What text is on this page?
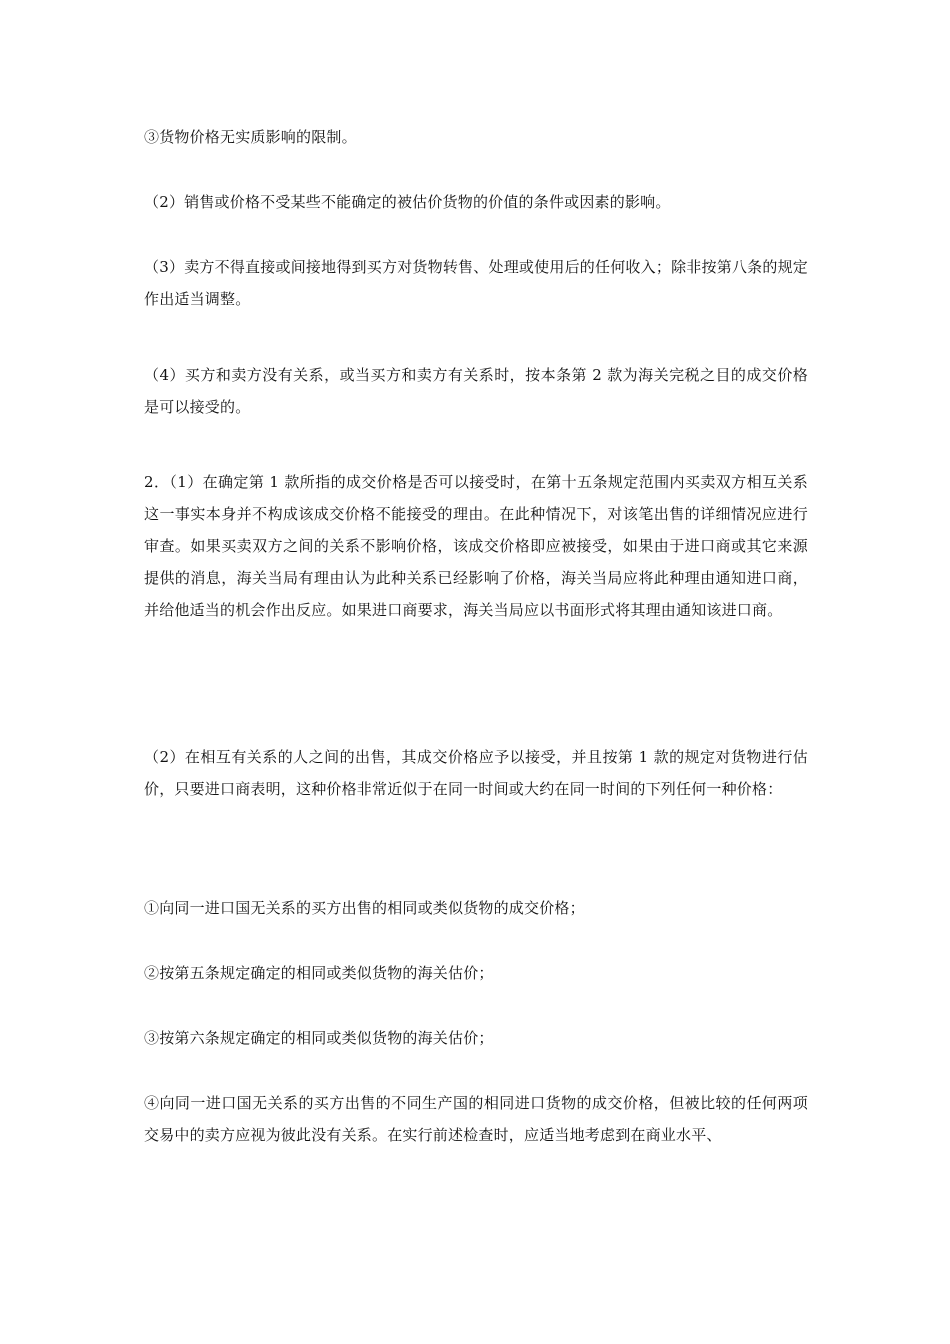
③货物价格无实质影响的限制。

（2）销售或价格不受某些不能确定的被估价货物的价值的条件或因素的影响。

（3）卖方不得直接或间接地得到买方对货物转售、处理或使用后的任何收入；除非按第八条的规定作出适当调整。

（4）买方和卖方没有关系，或当买方和卖方有关系时，按本条第 2 款为海关完税之目的成交价格是可以接受的。

2．（1）在确定第 1 款所指的成交价格是否可以接受时，在第十五条规定范围内买卖双方相互关系这一事实本身并不构成该成交价格不能接受的理由。在此种情况下，对该笔出售的详细情况应进行审查。如果买卖双方之间的关系不影响价格，该成交价格即应被接受，如果由于进口商或其它来源提供的消息，海关当局有理由认为此种关系已经影响了价格，海关当局应将此种理由通知进口商，并给他适当的机会作出反应。如果进口商要求，海关当局应以书面形式将其理由通知该进口商。

（2）在相互有关系的人之间的出售，其成交价格应予以接受，并且按第 1 款的规定对货物进行估价，只要进口商表明，这种价格非常近似于在同一时间或大约在同一时间的下列任何一种价格：

①向同一进口国无关系的买方出售的相同或类似货物的成交价格；

②按第五条规定确定的相同或类似货物的海关估价；

③按第六条规定确定的相同或类似货物的海关估价；

④向同一进口国无关系的买方出售的不同生产国的相同进口货物的成交价格，但被比较的任何两项交易中的卖方应视为彼此没有关系。在实行前述检查时，应适当地考虑到在商业水平、
